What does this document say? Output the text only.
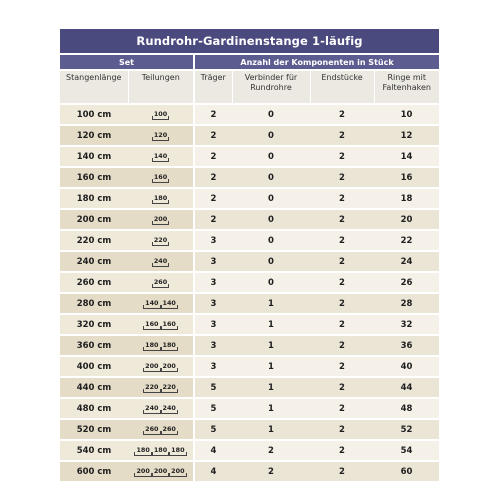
Rundrohr-Gardinenstange 1-läufig					
Set		Anzahl der Komponenten in Stück			
Stangenlänge	Teilungen	Träger	Verbinder für Rundrohre	Endstücke	Ringe mit Faltenhaken
100 cm	100	2	0	2	10
120 cm	120	2	0	2	12
140 cm	140	2	0	2	14
160 cm	160	2	0	2	16
180 cm	180	2	0	2	18
200 cm	200	2	0	2	20
220 cm	220	3	0	2	22
240 cm	240	3	0	2	24
260 cm	260	3	0	2	26
280 cm	140 140	3	1	2	28
320 cm	160 160	3	1	2	32
360 cm	180 180	3	1	2	36
400 cm	200 200	3	1	2	40
440 cm	220 220	5	1	2	44
480 cm	240 240	5	1	2	48
520 cm	260 260	5	1	2	52
540 cm	180 180 180	4	2	2	54
600 cm	200 200 200	4	2	2	60
